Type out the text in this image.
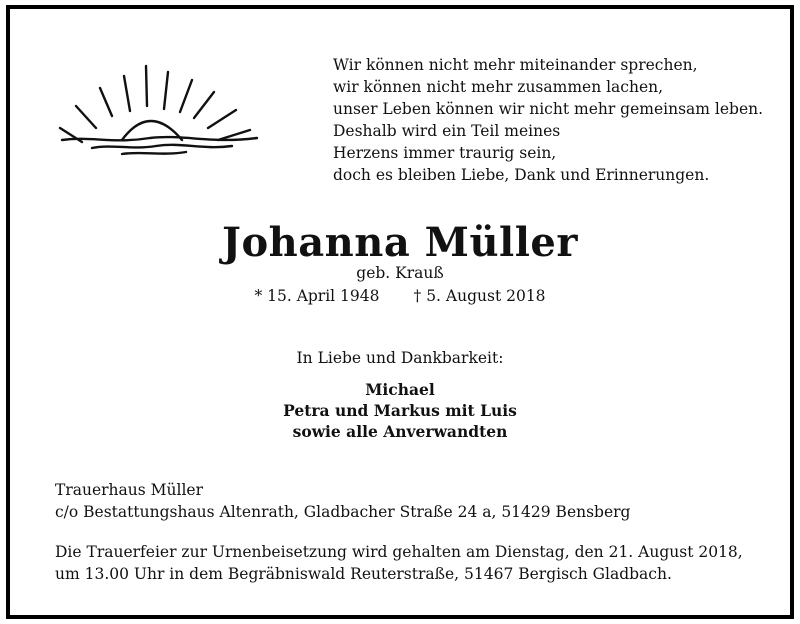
Wir können nicht mehr miteinander sprechen,
wir können nicht mehr zusammen lachen,
unser Leben können wir nicht mehr gemeinsam leben.
Deshalb wird ein Teil meines
Herzens immer traurig sein,
doch es bleiben Liebe, Dank und Erinnerungen.
Johanna Müller
geb. Krauß
* 15. April 1948 † 5. August 2018
In Liebe und Dankbarkeit:
Michael
Petra und Markus mit Luis
sowie alle Anverwandten
Trauerhaus Müller
c/o Bestattungshaus Altenrath, Gladbacher Straße 24 a, 51429 Bensberg
Die Trauerfeier zur Urnenbeisetzung wird gehalten am Dienstag, den 21. August 2018, um 13.00 Uhr in dem Begräbniswald Reuterstraße, 51467 Bergisch Gladbach.
